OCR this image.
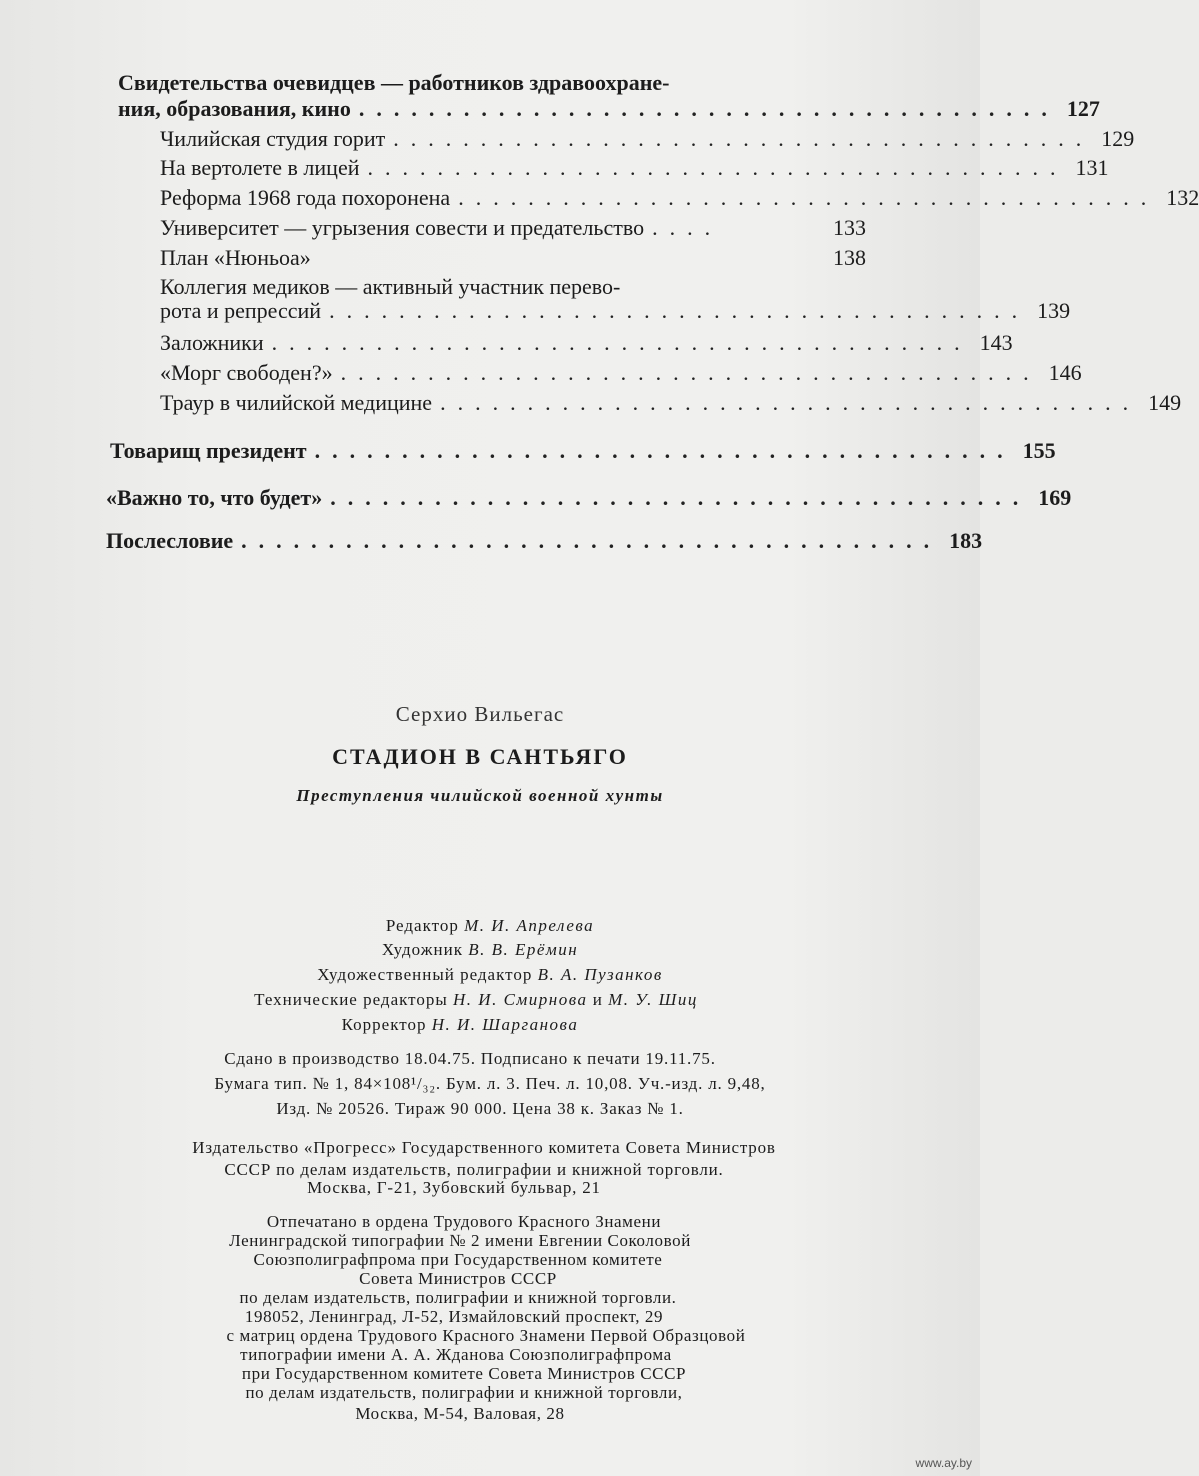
Свидетельства очевидцев — работников здравоохране-
ния, образования, кино ........................................ 127
Чилийская студия горит ........................................ 129
На вертолете в лицей ........................................ 131
Реформа 1968 года похоронена ........................................ 132
Университет — угрызения совести и предательство ....	133
План «Нюньоа»	138
Коллегия медиков — активный участник перево-
рота и репрессий ........................................ 139
Заложники ........................................ 143
«Морг свободен?» ........................................ 146
Траур в чилийской медицине ........................................ 149
Товарищ президент ........................................ 155
«Важно то, что будет» ........................................ 169
Послесловие ........................................ 183
Серхио Вильегас
СТАДИОН В САНТЬЯГО
Преступления чилийской военной хунты
Редактор М. И. Апрелева
Художник В. В. Ерёмин
Художественный редактор В. А. Пузанков
Технические редакторы Н. И. Смирнова и М. У. Шиц
Корректор Н. И. Шарганова
Сдано в производство 18.04.75. Подписано к печати 19.11.75.
Бумага тип. № 1, 84×108¹/₃₂. Бум. л. 3. Печ. л. 10,08. Уч.-изд. л. 9,48,
Изд. № 20526. Тираж 90 000. Цена 38 к. Заказ № 1.
Издательство «Прогресс» Государственного комитета Совета Министров
СССР по делам издательств, полиграфии и книжной торговли.
Москва, Г-21, Зубовский бульвар, 21
Отпечатано в ордена Трудового Красного Знамени
Ленинградской типографии № 2 имени Евгении Соколовой
Союзполиграфпрома при Государственном комитете
Совета Министров СССР
по делам издательств, полиграфии и книжной торговли.
198052, Ленинград, Л-52, Измайловский проспект, 29
с матриц ордена Трудового Красного Знамени Первой Образцовой
типографии имени А. А. Жданова Союзполиграфпрома
при Государственном комитете Совета Министров СССР
по делам издательств, полиграфии и книжной торговли,
Москва, М-54, Валовая, 28
www.ay.by
